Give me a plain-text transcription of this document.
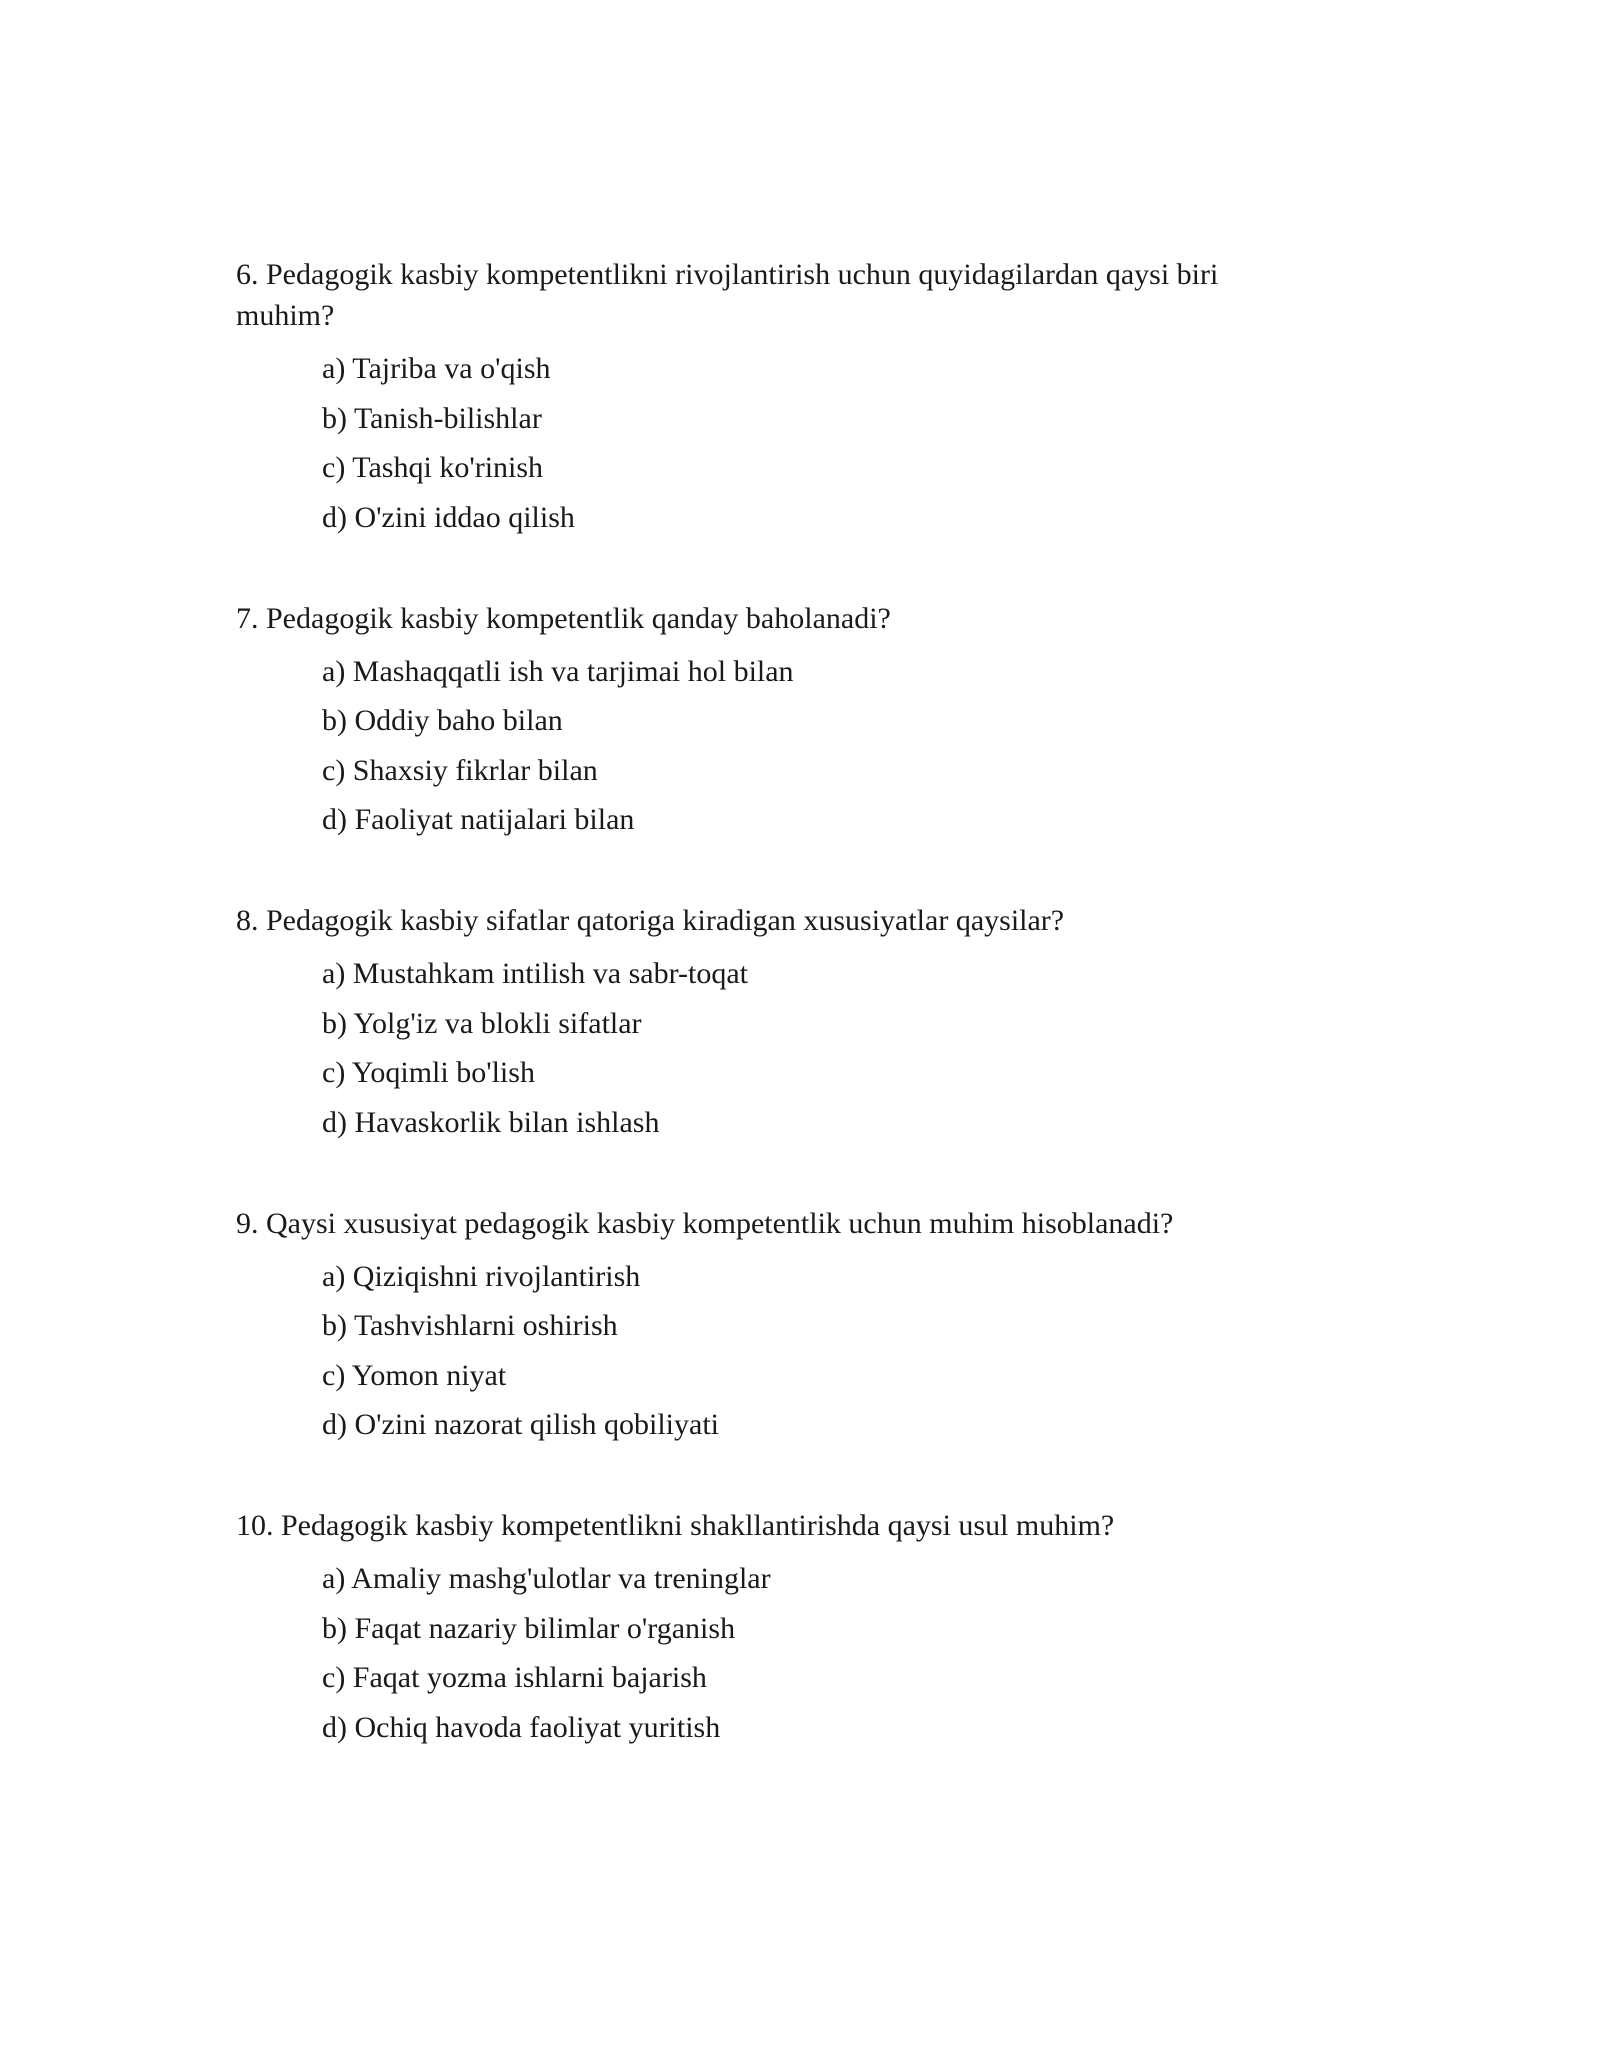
6. Pedagogik kasbiy kompetentlikni rivojlantirish uchun quyidagilardan qaysi biri muhim?

a) Tajriba va o'qish
b) Tanish-bilishlar
c) Tashqi ko'rinish
d) O'zini iddao qilish

7. Pedagogik kasbiy kompetentlik qanday baholanadi?

a) Mashaqqatli ish va tarjimai hol bilan
b) Oddiy baho bilan
c) Shaxsiy fikrlar bilan
d) Faoliyat natijalari bilan

8. Pedagogik kasbiy sifatlar qatoriga kiradigan xususiyatlar qaysilar?

a) Mustahkam intilish va sabr-toqat
b) Yolg'iz va blokli sifatlar
c) Yoqimli bo'lish
d) Havaskorlik bilan ishlash

9. Qaysi xususiyat pedagogik kasbiy kompetentlik uchun muhim hisoblanadi?

a) Qiziqishni rivojlantirish
b) Tashvishlarni oshirish
c) Yomon niyat
d) O'zini nazorat qilish qobiliyati

10. Pedagogik kasbiy kompetentlikni shakllantirishda qaysi usul muhim?

a) Amaliy mashg'ulotlar va treninglar
b) Faqat nazariy bilimlar o'rganish
c) Faqat yozma ishlarni bajarish
d) Ochiq havoda faoliyat yuritish
